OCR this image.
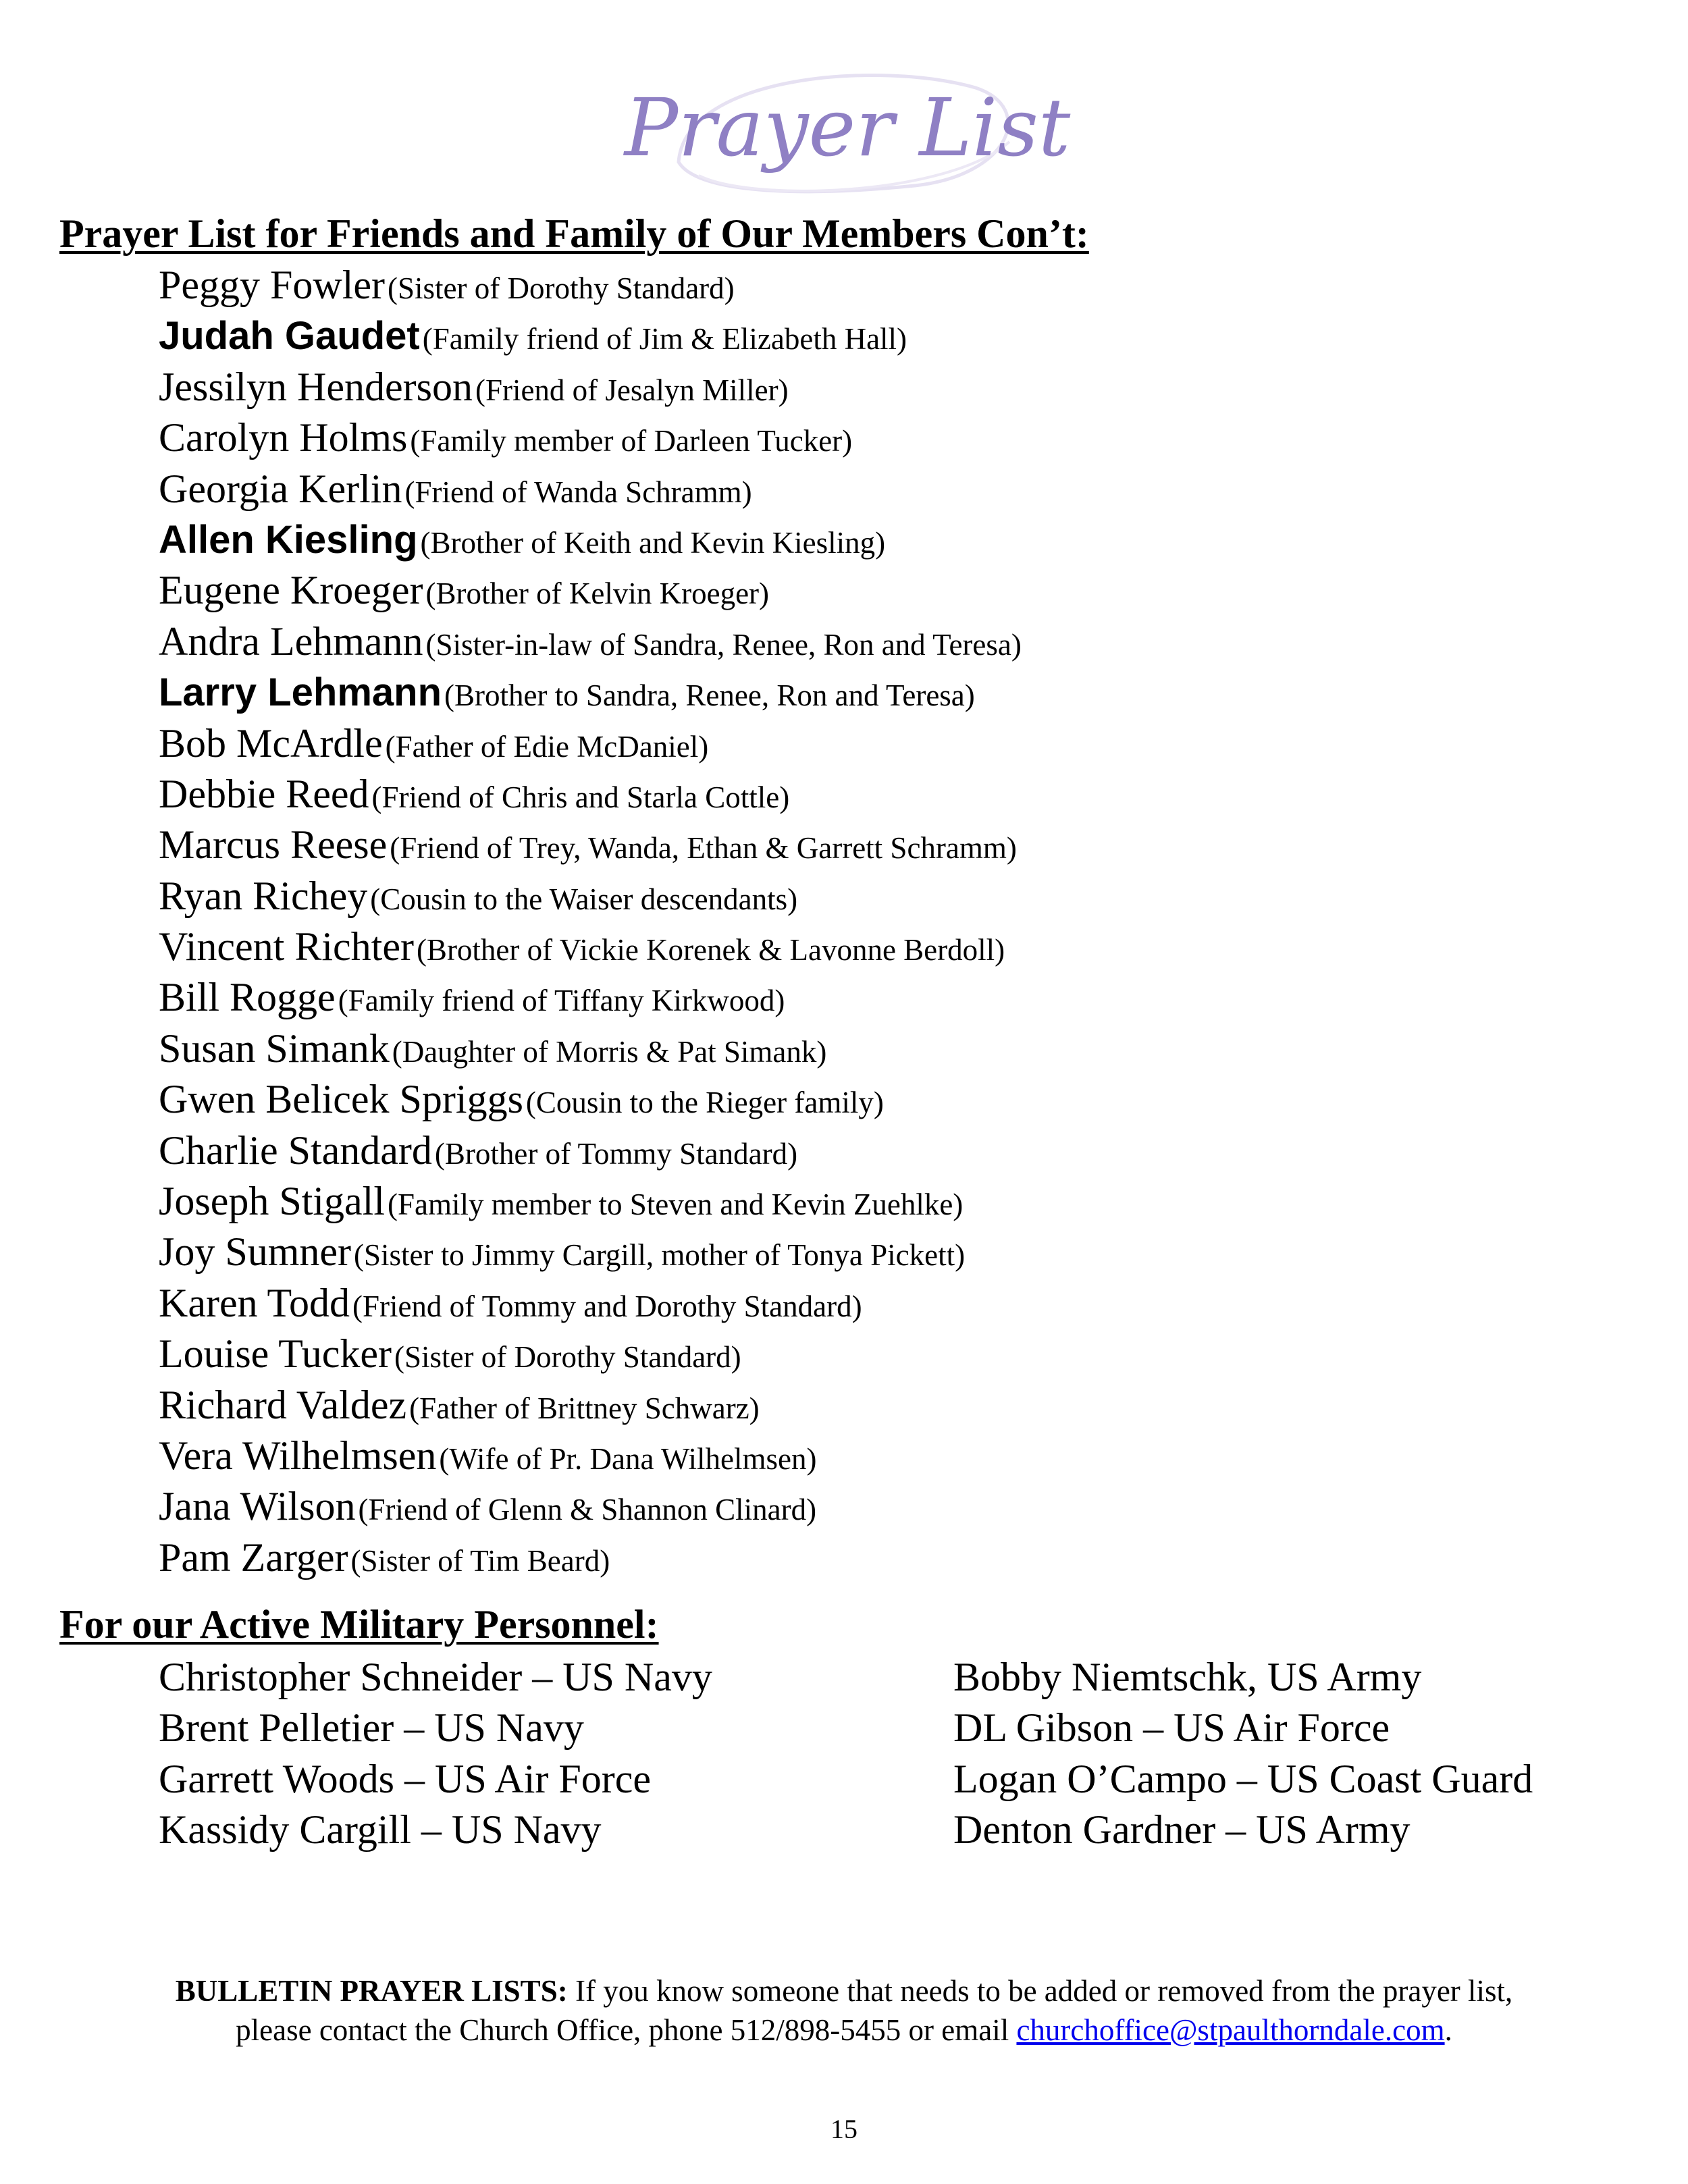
Prayer List
Prayer List for Friends and Family of Our Members Con’t:
Peggy Fowler (Sister of Dorothy Standard)
Judah Gaudet (Family friend of Jim & Elizabeth Hall)
Jessilyn Henderson (Friend of Jesalyn Miller)
Carolyn Holms (Family member of Darleen Tucker)
Georgia Kerlin (Friend of Wanda Schramm)
Allen Kiesling (Brother of Keith and Kevin Kiesling)
Eugene Kroeger (Brother of Kelvin Kroeger)
Andra Lehmann (Sister-in-law of Sandra, Renee, Ron and Teresa)
Larry Lehmann (Brother to Sandra, Renee, Ron and Teresa)
Bob McArdle (Father of Edie McDaniel)
Debbie Reed (Friend of Chris and Starla Cottle)
Marcus Reese (Friend of Trey, Wanda, Ethan & Garrett Schramm)
Ryan Richey (Cousin to the Waiser descendants)
Vincent Richter (Brother of Vickie Korenek & Lavonne Berdoll)
Bill Rogge (Family friend of Tiffany Kirkwood)
Susan Simank (Daughter of Morris & Pat Simank)
Gwen Belicek Spriggs (Cousin to the Rieger family)
Charlie Standard (Brother of Tommy Standard)
Joseph Stigall (Family member to Steven and Kevin Zuehlke)
Joy Sumner (Sister to Jimmy Cargill, mother of Tonya Pickett)
Karen Todd (Friend of Tommy and Dorothy Standard)
Louise Tucker (Sister of Dorothy Standard)
Richard Valdez (Father of Brittney Schwarz)
Vera Wilhelmsen (Wife of Pr. Dana Wilhelmsen)
Jana Wilson (Friend of Glenn & Shannon Clinard)
Pam Zarger (Sister of Tim Beard)
For our Active Military Personnel:
Christopher Schneider – US Navy
Brent Pelletier – US Navy
Garrett Woods – US Air Force
Kassidy Cargill – US Navy
Bobby Niemtschk, US Army
DL Gibson – US Air Force
Logan O’Campo – US Coast Guard
Denton Gardner – US Army
BULLETIN PRAYER LISTS: If you know someone that needs to be added or removed from the prayer list,
please contact the Church Office, phone 512/898-5455 or email churchoffice@stpaulthorndale.com.
15
